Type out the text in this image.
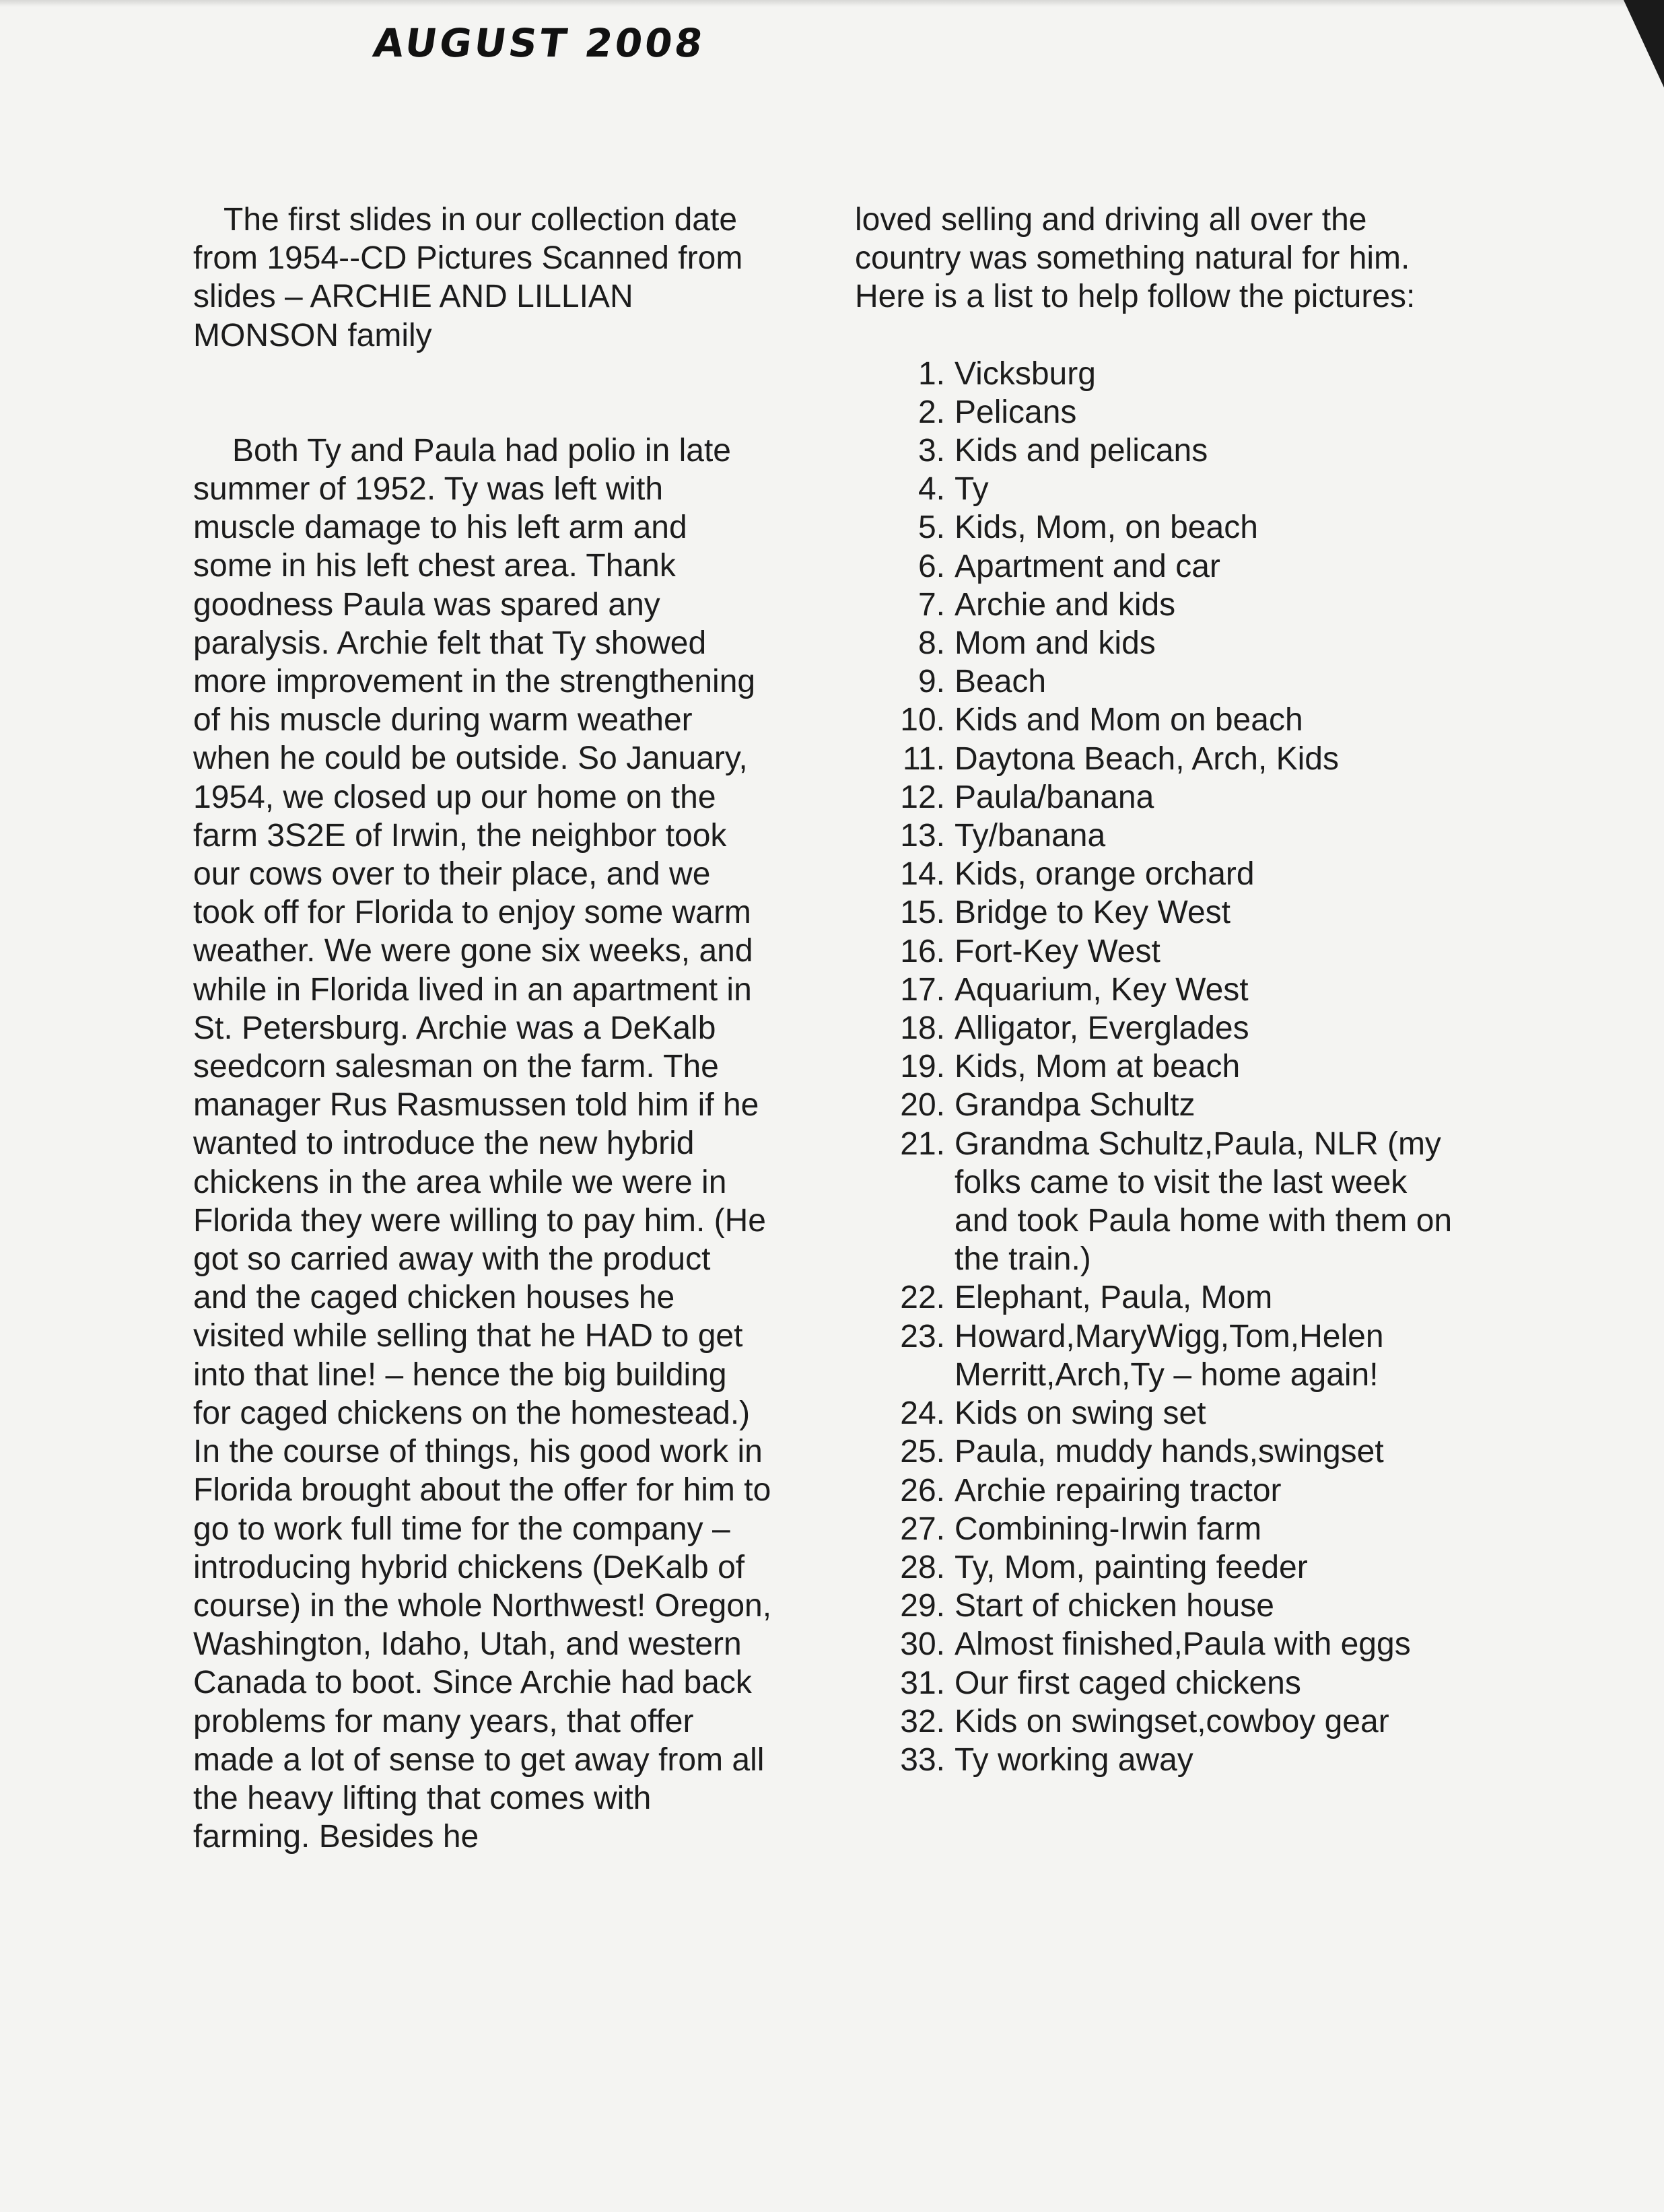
AUGUST 2008

The first slides in our collection date from 1954--CD Pictures Scanned from slides – ARCHIE AND LILLIAN MONSON family

Both Ty and Paula had polio in late summer of 1952. Ty was left with muscle damage to his left arm and some in his left chest area. Thank goodness Paula was spared any paralysis. Archie felt that Ty showed more improvement in the strengthening of his muscle during warm weather when he could be outside. So January, 1954, we closed up our home on the farm 3S2E of Irwin, the neighbor took our cows over to their place, and we took off for Florida to enjoy some warm weather. We were gone six weeks, and while in Florida lived in an apartment in St. Petersburg. Archie was a DeKalb seedcorn salesman on the farm. The manager Rus Rasmussen told him if he wanted to introduce the new hybrid chickens in the area while we were in Florida they were willing to pay him. (He got so carried away with the product and the caged chicken houses he visited while selling that he HAD to get into that line! – hence the big building for caged chickens on the homestead.) In the course of things, his good work in Florida brought about the offer for him to go to work full time for the company – introducing hybrid chickens (DeKalb of course) in the whole Northwest! Oregon, Washington, Idaho, Utah, and western Canada to boot. Since Archie had back problems for many years, that offer made a lot of sense to get away from all the heavy lifting that comes with farming. Besides he

loved selling and driving all over the country was something natural for him. Here is a list to help follow the pictures:

1. Vicksburg
2. Pelicans
3. Kids and pelicans
4. Ty
5. Kids, Mom, on beach
6. Apartment and car
7. Archie and kids
8. Mom and kids
9. Beach
10. Kids and Mom on beach
11. Daytona Beach, Arch, Kids
12. Paula/banana
13. Ty/banana
14. Kids, orange orchard
15. Bridge to Key West
16. Fort-Key West
17. Aquarium, Key West
18. Alligator, Everglades
19. Kids, Mom at beach
20. Grandpa Schultz
21. Grandma Schultz,Paula, NLR (my folks came to visit the last week and took Paula home with them on the train.)
22. Elephant, Paula, Mom
23. Howard,MaryWigg,Tom,Helen Merritt,Arch,Ty – home again!
24. Kids on swing set
25. Paula, muddy hands,swingset
26. Archie repairing tractor
27. Combining-Irwin farm
28. Ty, Mom, painting feeder
29. Start of chicken house
30. Almost finished,Paula with eggs
31. Our first caged chickens
32. Kids on swingset,cowboy gear
33. Ty working away
